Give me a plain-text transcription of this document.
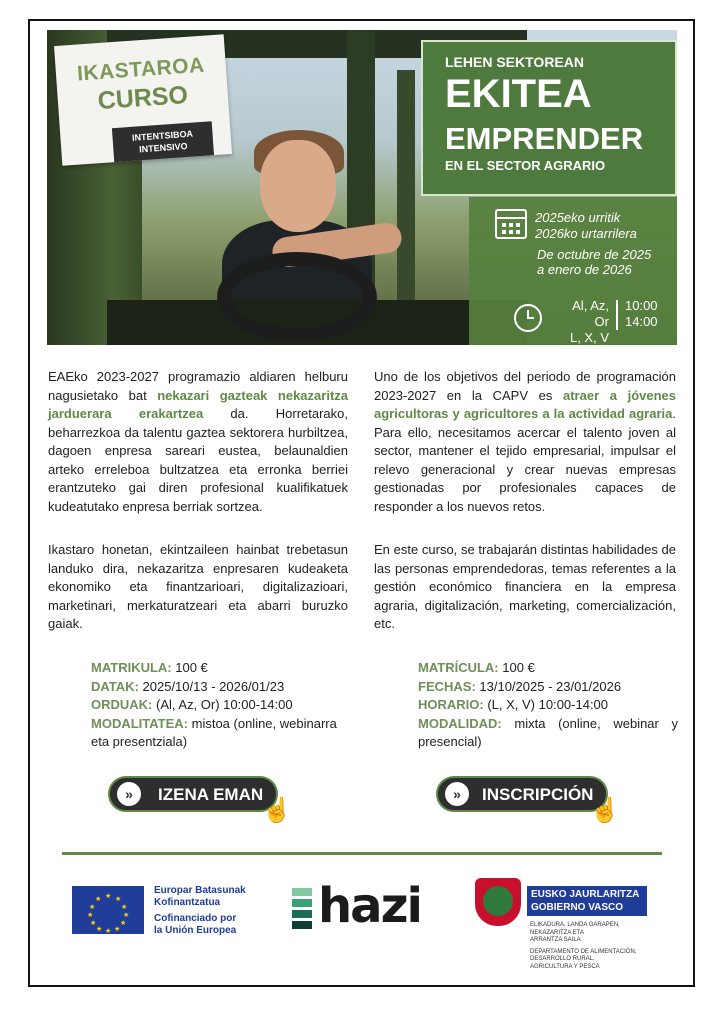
IKASTAROA
CURSO
INTENTSIBOA
INTENSIVO
LEHEN SEKTOREAN
EKITEA
EMPRENDER
EN EL SECTOR AGRARIO
2025eko urritik
2026ko urtarrilera
De octubre de 2025
a enero de 2026
Al, Az, Or
L, X, V
10:00
14:00
EAEko 2023-2027 programazio aldiaren helburu nagusietako bat nekazari gazteak nekazaritza jarduerara erakartzea da. Horretarako, beharrezkoa da talentu gaztea sektorera hurbiltzea, dagoen enpresa sareari eustea, belaunaldien arteko erreleboa bultzatzea eta erronka berriei erantzuteko gai diren profesional kualifikatuek kudeatutako enpresa berriak sortzea.
Uno de los objetivos del periodo de programación 2023-2027 en la CAPV es atraer a jóvenes agricultoras y agricultores a la actividad agraria. Para ello, necesitamos acercar el talento joven al sector, mantener el tejido empresarial, impulsar el relevo generacional y crear nuevas empresas gestionadas por profesionales capaces de responder a los nuevos retos.
Ikastaro honetan, ekintzaileen hainbat trebetasun landuko dira, nekazaritza enpresaren kudeaketa ekonomiko eta finantzarioari, digitalizazioari, marketinari, merkaturatzeari eta abarri buruzko gaiak.
En este curso, se trabajarán distintas habilidades de las personas emprendedoras, temas referentes a la gestión económico financiera en la empresa agraria, digitalización, marketing, comercialización, etc.
MATRIKULA: 100 €
DATAK: 2025/10/13 - 2026/01/23
ORDUAK: (Al, Az, Or) 10:00-14:00
MODALITATEA: mistoa (online, webinarra eta presentziala)
MATRÍCULA: 100 €
FECHAS: 13/10/2025 - 23/01/2026
HORARIO: (L, X, V) 10:00-14:00
MODALIDAD: mixta (online, webinar y presencial)
»	IZENA EMAN
☝
»	INSCRIPCIÓN
☝
★ ★
★
★
★
★
★
★
★
★
★
★
Europar Batasunak
Kofinantzatua
Cofinanciado por
la Unión Europea hazi	EUSKO JAURLARITZA
GOBIERNO VASCO
ELIKADURA, LANDA GARAPEN,
NEKAZARITZA ETA
ARRANTZA SAILA
DEPARTAMENTO DE ALIMENTACIÓN,
DESARROLLO RURAL,
AGRICULTURA Y PESCA
